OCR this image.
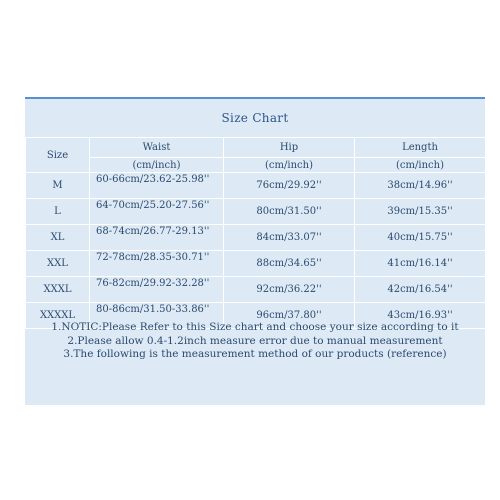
Size Chart
Size	Waist	Hip	Length
	(cm/inch)	(cm/inch)	(cm/inch)
M	60-66cm/23.62-25.98''	76cm/29.92''	38cm/14.96''
L	64-70cm/25.20-27.56''	80cm/31.50''	39cm/15.35''
XL	68-74cm/26.77-29.13''	84cm/33.07''	40cm/15.75''
XXL	72-78cm/28.35-30.71''	88cm/34.65''	41cm/16.14''
XXXL	76-82cm/29.92-32.28''	92cm/36.22''	42cm/16.54''
XXXXL	80-86cm/31.50-33.86''	96cm/37.80''	43cm/16.93''
1.NOTIC:Please Refer to this Size chart and choose your size according to it
2.Please allow 0.4-1.2inch measure error due to manual measurement
3.The following is the measurement method of our products (reference)
